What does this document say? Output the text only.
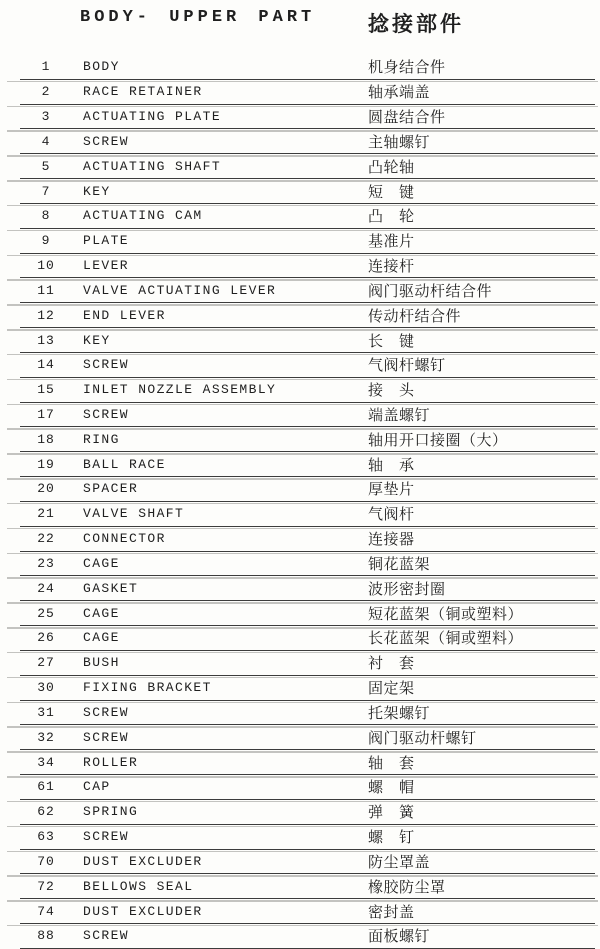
BODY- UPPER PART	捻接部件
1	BODY	机身结合件
2	RACE RETAINER	轴承端盖
3	ACTUATING PLATE	圆盘结合件
4	SCREW	主轴螺钉
5	ACTUATING SHAFT	凸轮轴
7	KEY	短　键
8	ACTUATING CAM	凸　轮
9	PLATE	基准片
10	LEVER	连接杆
11	VALVE ACTUATING LEVER	阀门驱动杆结合件
12	END LEVER	传动杆结合件
13	KEY	长　键
14	SCREW	气阀杆螺钉
15	INLET NOZZLE ASSEMBLY	接　头
17	SCREW	端盖螺钉
18	RING	轴用开口接圈（大）
19	BALL RACE	轴　承
20	SPACER	厚垫片
21	VALVE SHAFT	气阀杆
22	CONNECTOR	连接器
23	CAGE	铜花蓝架
24	GASKET	波形密封圈
25	CAGE	短花蓝架（铜或塑料）
26	CAGE	长花蓝架（铜或塑料）
27	BUSH	衬　套
30	FIXING BRACKET	固定架
31	SCREW	托架螺钉
32	SCREW	阀门驱动杆螺钉
34	ROLLER	轴　套
61	CAP	螺　帽
62	SPRING	弹　簧
63	SCREW	螺　钉
70	DUST EXCLUDER	防尘罩盖
72	BELLOWS SEAL	橡胶防尘罩
74	DUST EXCLUDER	密封盖
88	SCREW	面板螺钉
